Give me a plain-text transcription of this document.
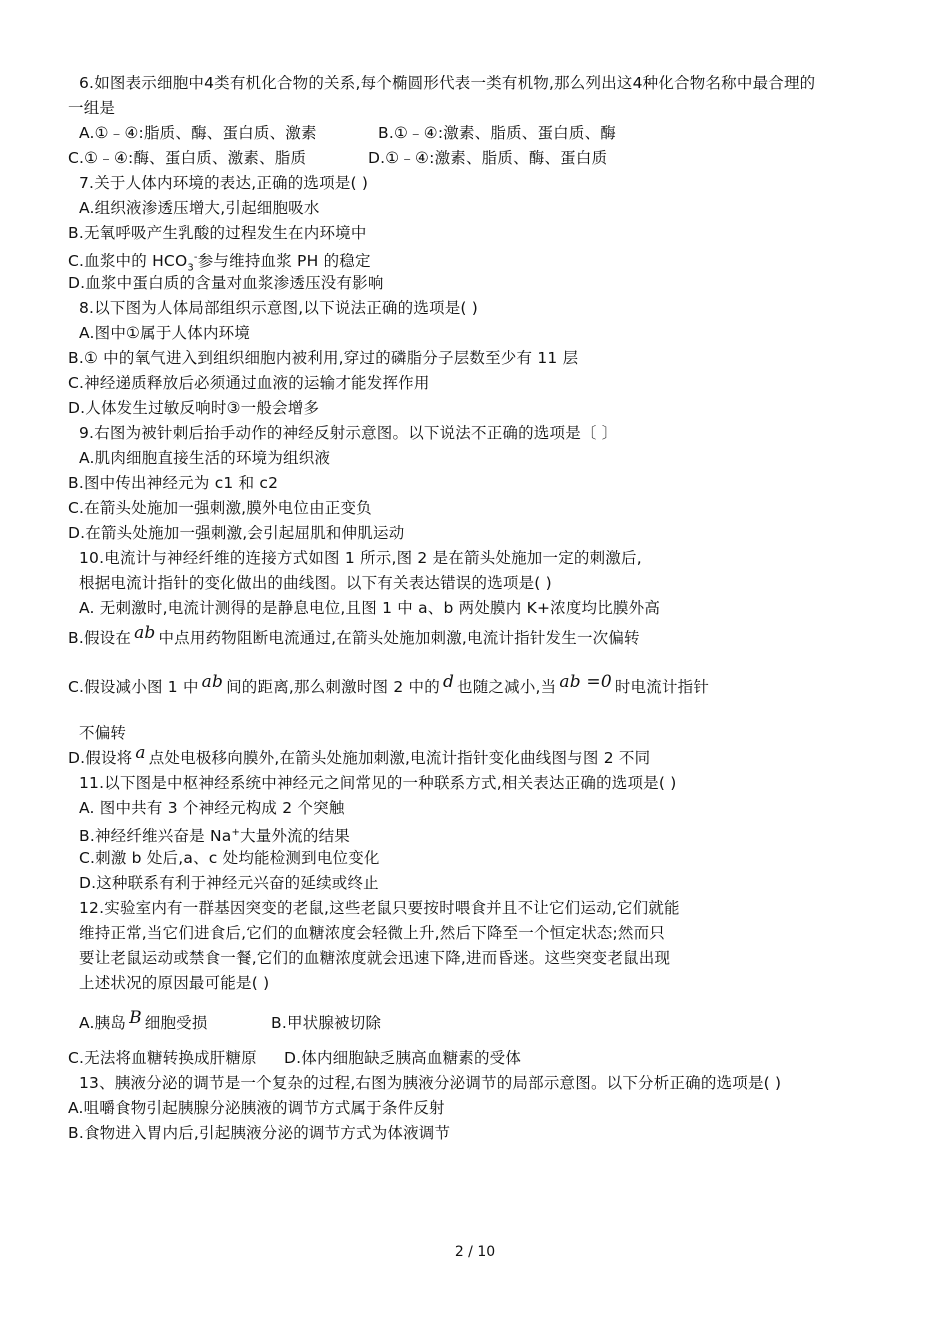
6.如图表示细胞中4类有机化合物的关系,每个椭圆形代表一类有机物,那么列出这4种化合物名称中最合理的
一组是
A.①﹣④:脂质、酶、蛋白质、激素	B.①﹣④:激素、脂质、蛋白质、酶
C.①﹣④:酶、蛋白质、激素、脂质	D.①﹣④:激素、脂质、酶、蛋白质
7.关于人体内环境的表达,正确的选项是( )
A.组织液渗透压增大,引起细胞吸水
B.无氧呼吸产生乳酸的过程发生在内环境中
C.血浆中的 $HCO_3^-$参与维持血浆 PH 的稳定
D.血浆中蛋白质的含量对血浆渗透压没有影响
8.以下图为人体局部组织示意图,以下说法正确的选项是( )
A.图中①属于人体内环境
B.① 中的氧气进入到组织细胞内被利用,穿过的磷脂分子层数至少有 11 层
C.神经递质释放后必须通过血液的运输才能发挥作用
D.人体发生过敏反响时③一般会增多
9.右图为被针刺后抬手动作的神经反射示意图。以下说法不正确的选项是〔 〕
A.肌肉细胞直接生活的环境为组织液
B.图中传出神经元为 c1 和 c2
C.在箭头处施加一强刺激,膜外电位由正变负
D.在箭头处施加一强刺激,会引起屈肌和伸肌运动
10.电流计与神经纤维的连接方式如图 1 所示,图 2 是在箭头处施加一定的刺激后,
根据电流计指针的变化做出的曲线图。以下有关表达错误的选项是( )
A. 无刺激时,电流计测得的是静息电位,且图 1 中 a、b 两处膜内 K+浓度均比膜外高
B.假设在 ab 中点用药物阻断电流通过,在箭头处施加刺激,电流计指针发生一次偏转
C.假设减小图 1 中 ab 间的距离,那么刺激时图 2 中的 d 也随之减小,当 ab =0 时电流计指针
不偏转
D.假设将 a 点处电极移向膜外,在箭头处施加刺激,电流计指针变化曲线图与图 2 不同
11.以下图是中枢神经系统中神经元之间常见的一种联系方式,相关表达正确的选项是( )
A. 图中共有 3 个神经元构成 2 个突触
B.神经纤维兴奋是 Na+大量外流的结果
C.刺激 b 处后,a、c 处均能检测到电位变化
D.这种联系有利于神经元兴奋的延续或终止
12.实验室内有一群基因突变的老鼠,这些老鼠只要按时喂食并且不让它们运动,它们就能
维持正常,当它们进食后,它们的血糖浓度会轻微上升,然后下降至一个恒定状态;然而只
要让老鼠运动或禁食一餐,它们的血糖浓度就会迅速下降,进而昏迷。这些突变老鼠出现
上述状况的原因最可能是( )
A.胰岛 B 细胞受损	B.甲状腺被切除
C.无法将血糖转换成肝糖原 D.体内细胞缺乏胰高血糖素的受体
13、胰液分泌的调节是一个复杂的过程,右图为胰液分泌调节的局部示意图。以下分析正确的选项是( )
A.咀嚼食物引起胰腺分泌胰液的调节方式属于条件反射
B.食物进入胃内后,引起胰液分泌的调节方式为体液调节
2 / 10
